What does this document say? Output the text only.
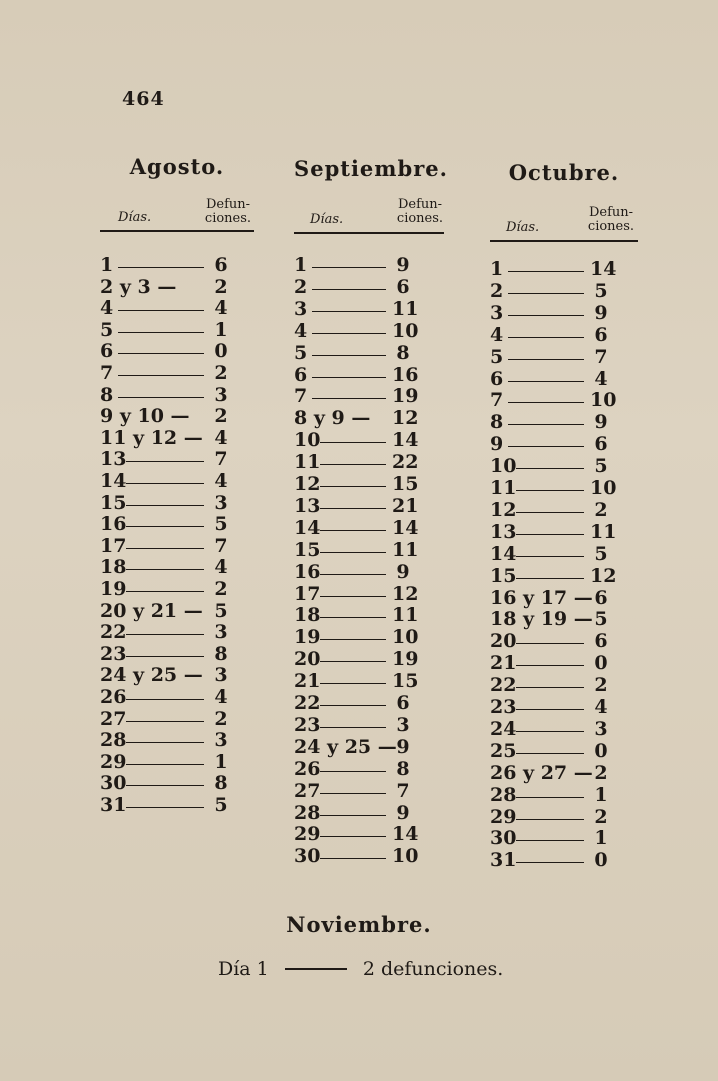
464
Agosto.
Días.
Defun-
ciones.
1	6
2 y 3 — 2
4	4
5	1
6	0
7	2
8	3
9 y 10 — 2
11 y 12 — 4
13	7
14	4
15	3
16	5
17	7
18	4
19	2
20 y 21 — 5
22	3
23	8
24 y 25 — 3
26	4
27	2
28	3
29	1
30	8
31	5
Septiembre.
Días.
Defun-
ciones.
1	9
2	6
3	11
4	10
5	8
6	16
7	19
8 y 9 — 12
10	14
11	22
12	15
13	21
14	14
15	11
16	9
17	12
18	11
19	10
20	19
21	15
22	6
23	3
24 y 25 — 9
26	8
27	7
28	9
29	14
30	10
Octubre.
Días.
Defun-
ciones.
1	14
2	5
3	9
4	6
5	7
6	4
7	10
8	9
9	6
10	5
11	10
12	2
13	11
14	5
15	12
16 y 17 — 6
18 y 19 — 5
20	6
21	0
22	2
23	4
24	3
25	0
26 y 27 — 2
28	1
29	2
30	1
31	0
Noviembre.
Día 1	2 defunciones.
